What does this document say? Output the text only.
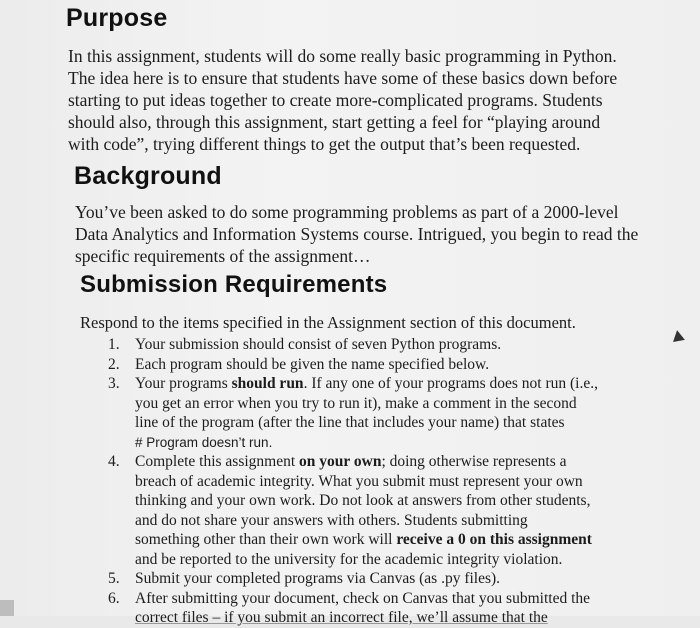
Purpose
In this assignment, students will do some really basic programming in Python.
The idea here is to ensure that students have some of these basics down before
starting to put ideas together to create more-complicated programs. Students
should also, through this assignment, start getting a feel for “playing around
with code”, trying different things to get the output that’s been requested.
Background
You’ve been asked to do some programming problems as part of a 2000-level
Data Analytics and Information Systems course. Intrigued, you begin to read the
specific requirements of the assignment…
Submission Requirements
Respond to the items specified in the Assignment section of this document.
1. Your submission should consist of seven Python programs.
2. Each program should be given the name specified below.
3. Your programs should run. If any one of your programs does not run (i.e.,
you get an error when you try to run it), make a comment in the second
line of the program (after the line that includes your name) that states
# Program doesn’t run.
4. Complete this assignment on your own; doing otherwise represents a
breach of academic integrity. What you submit must represent your own
thinking and your own work. Do not look at answers from other students,
and do not share your answers with others. Students submitting
something other than their own work will receive a 0 on this assignment
and be reported to the university for the academic integrity violation.
5. Submit your completed programs via Canvas (as .py files).
6. After submitting your document, check on Canvas that you submitted the
correct files – if you submit an incorrect file, we’ll assume that the
